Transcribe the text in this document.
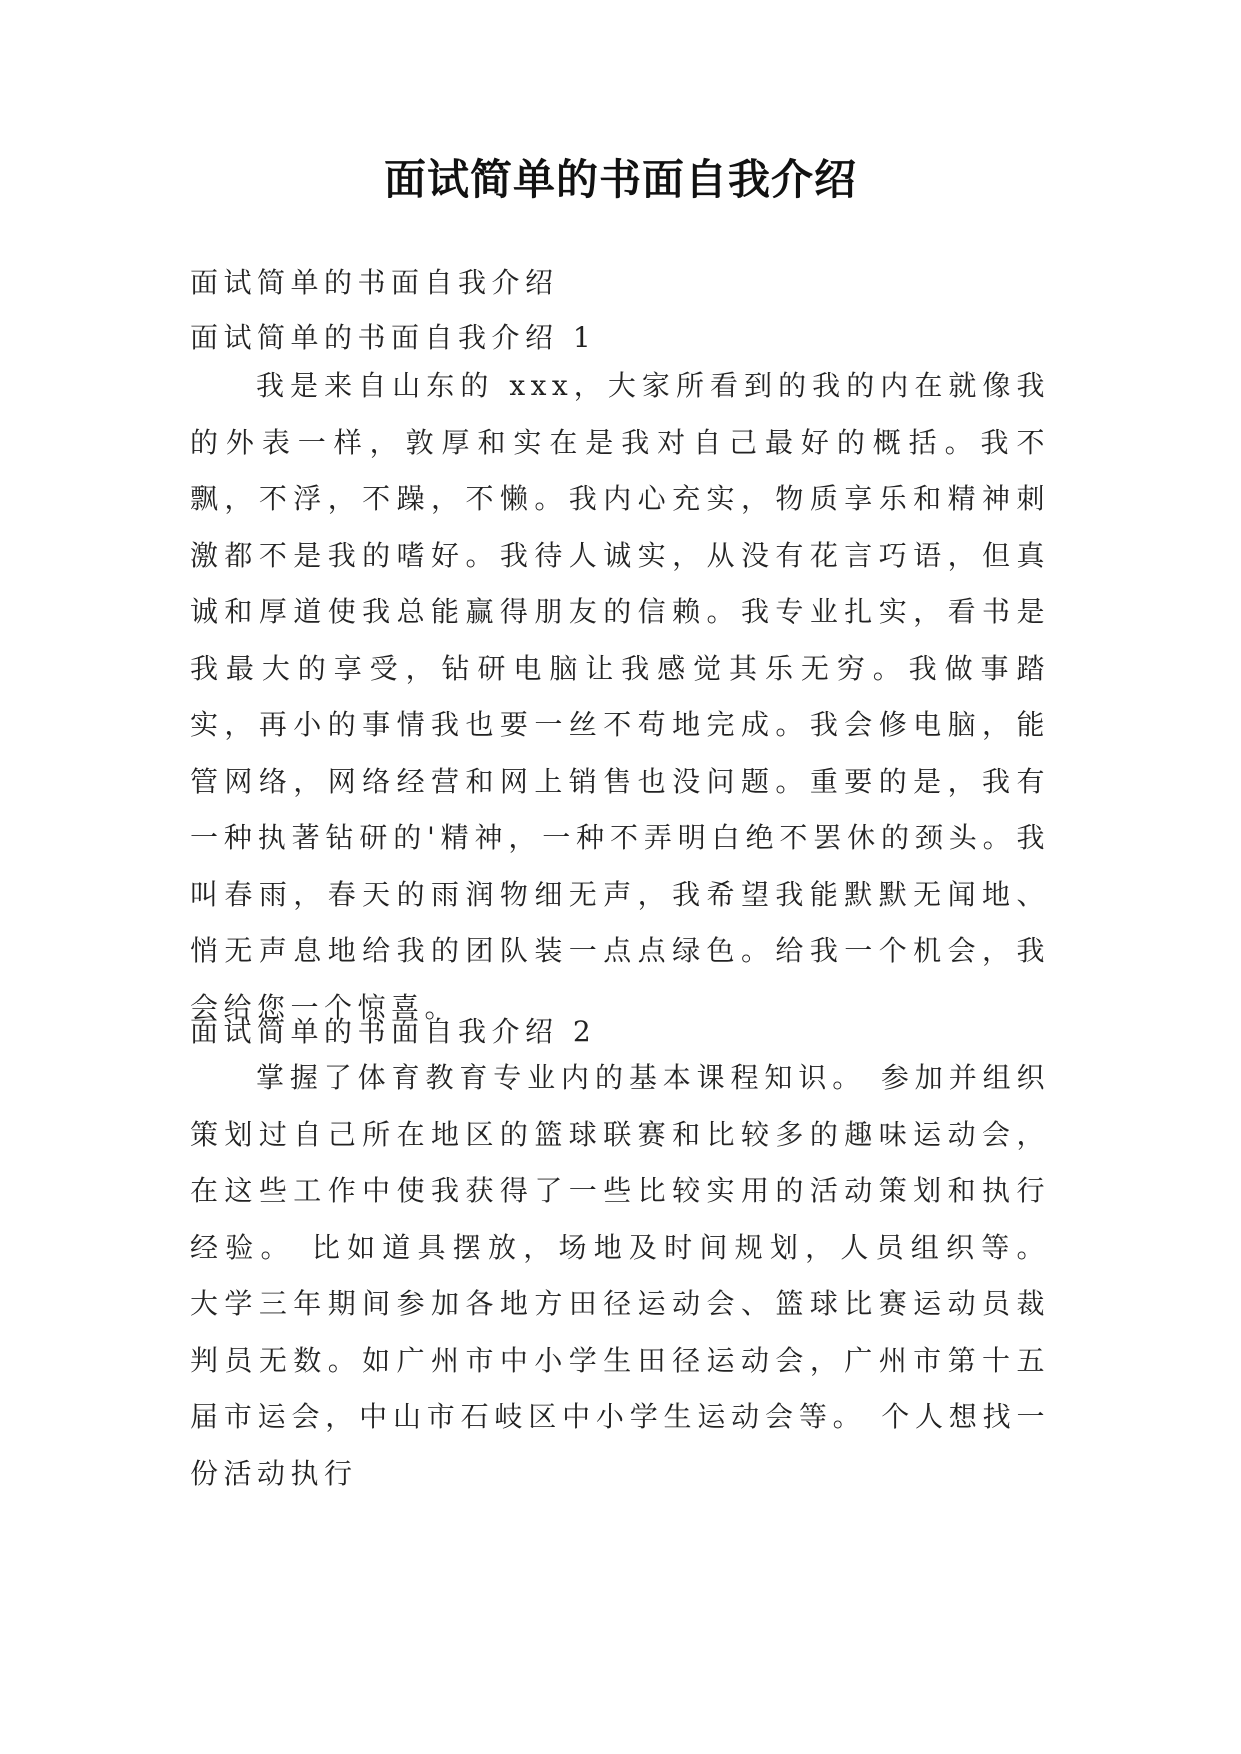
面试简单的书面自我介绍
面试简单的书面自我介绍
面试简单的书面自我介绍 1

我是来自山东的 xxx，大家所看到的我的内在就像我的外表一样，敦厚和实在是我对自己最好的概括。我不飘，不浮，不躁，不懒。我内心充实，物质享乐和精神刺激都不是我的嗜好。我待人诚实，从没有花言巧语，但真诚和厚道使我总能赢得朋友的信赖。我专业扎实，看书是我最大的享受，钻研电脑让我感觉其乐无穷。我做事踏实，再小的事情我也要一丝不苟地完成。我会修电脑，能管网络，网络经营和网上销售也没问题。重要的是，我有一种执著钻研的'精神，一种不弄明白绝不罢休的颈头。我叫春雨，春天的雨润物细无声，我希望我能默默无闻地、悄无声息地给我的团队装一点点绿色。给我一个机会，我会给您一个惊喜。

面试简单的书面自我介绍 2

掌握了体育教育专业内的基本课程知识。 参加并组织策划过自己所在地区的篮球联赛和比较多的趣味运动会，在这些工作中使我获得了一些比较实用的活动策划和执行经验。 比如道具摆放，场地及时间规划，人员组织等。 大学三年期间参加各地方田径运动会、篮球比赛运动员裁判员无数。如广州市中小学生田径运动会，广州市第十五届市运会，中山市石岐区中小学生运动会等。 个人想找一份活动执行
